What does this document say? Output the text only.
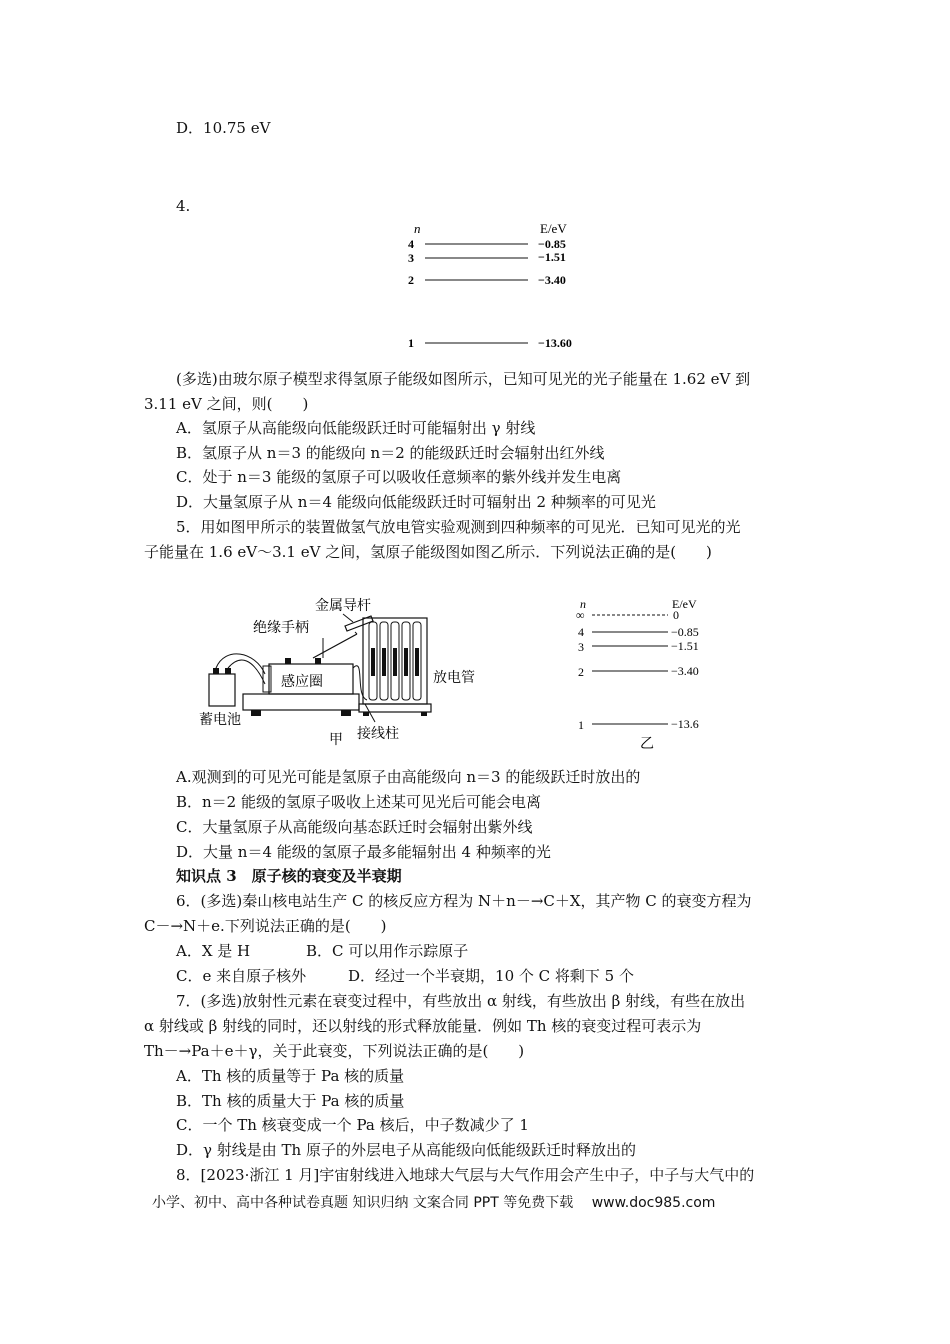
D．10.75 eV
4.
n	E/eV
4	−0.85
3	−1.51
2	−3.40
1	−13.60
(多选)由玻尔原子模型求得氢原子能级如图所示，已知可见光的光子能量在 1.62 eV 到
3.11 eV 之间，则(　　)
A．氢原子从高能级向低能级跃迁时可能辐射出 γ 射线
B．氢原子从 n＝3 的能级向 n＝2 的能级跃迁时会辐射出红外线
C．处于 n＝3 能级的氢原子可以吸收任意频率的紫外线并发生电离
D．大量氢原子从 n＝4 能级向低能级跃迁时可辐射出 2 种频率的可见光
5．用如图甲所示的装置做氢气放电管实验观测到四种频率的可见光．已知可见光的光
子能量在 1.6 eV～3.1 eV 之间，氢原子能级图如图乙所示．下列说法正确的是(　　)
感应圈
金属导杆
绝缘手柄
蓄电池
放电管
接线柱
甲
n	E/eV
∞	0
4	−0.85
3	−1.51
2	−3.40
1	−13.6
乙
A.观测到的可见光可能是氢原子由高能级向 n＝3 的能级跃迁时放出的
B．n＝2 能级的氢原子吸收上述某可见光后可能会电离
C．大量氢原子从高能级向基态跃迁时会辐射出紫外线
D．大量 n＝4 能级的氢原子最多能辐射出 4 种频率的光
知识点 3　原子核的衰变及半衰期
6．(多选)秦山核电站生产 C 的核反应方程为 N＋n－→C＋X，其产物 C 的衰变方程为
C－→N＋e.下列说法正确的是(　　)
A．X 是 H	B．C 可以用作示踪原子
C．e 来自原子核外	D．经过一个半衰期，10 个 C 将剩下 5 个
7．(多选)放射性元素在衰变过程中，有些放出 α 射线，有些放出 β 射线，有些在放出
α 射线或 β 射线的同时，还以射线的形式释放能量．例如 Th 核的衰变过程可表示为
Th－→Pa＋e＋γ，关于此衰变，下列说法正确的是(　　)
A．Th 核的质量等于 Pa 核的质量
B．Th 核的质量大于 Pa 核的质量
C．一个 Th 核衰变成一个 Pa 核后，中子数减少了 1
D．γ 射线是由 Th 原子的外层电子从高能级向低能级跃迁时释放出的
8．[2023·浙江 1 月]宇宙射线进入地球大气层与大气作用会产生中子，中子与大气中的
小学、初中、高中各种试卷真题 知识归纳 文案合同 PPT 等免费下载 www.doc985.com
